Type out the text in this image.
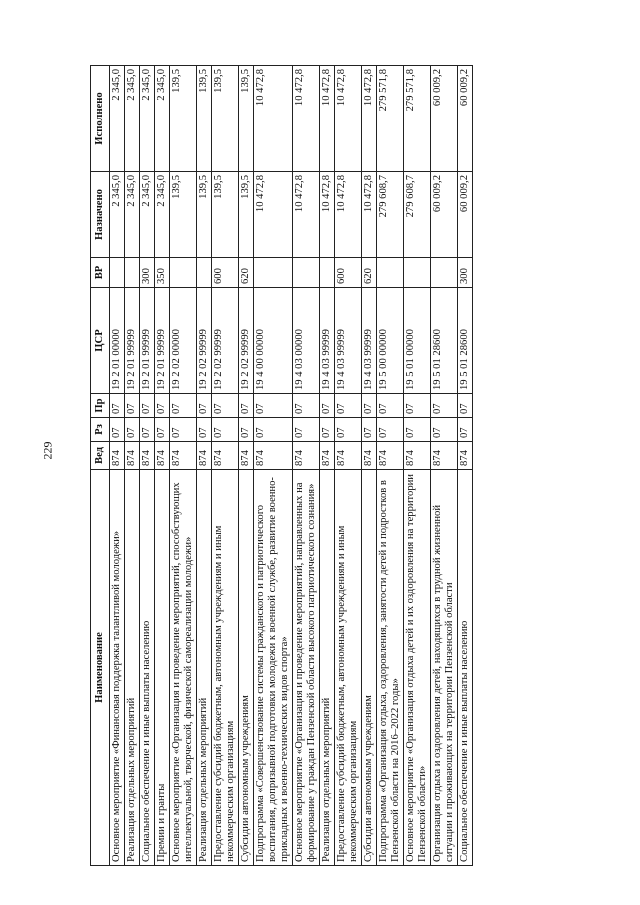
229
Наименование	Вед	Рз	Пр	ЦСР	ВР	Назначено	Исполнено
Основное мероприятие «Финансовая поддержка талантливой молодежи»	874	07	07	19 2 01 00000		2 345,0	2 345,0
Реализация отдельных мероприятий	874	07	07	19 2 01 99999		2 345,0	2 345,0
Социальное обеспечение и иные выплаты населению	874	07	07	19 2 01 99999	300	2 345,0	2 345,0
Премии и гранты	874	07	07	19 2 01 99999	350	2 345,0	2 345,0
Основное мероприятие «Организация и проведение мероприятий, способствующих интеллектуальной, творческой, физической самореализации молодежи»	874	07	07	19 2 02 00000		139,5	139,5
Реализация отдельных мероприятий	874	07	07	19 2 02 99999		139,5	139,5
Предоставление субсидий бюджетным, автономным учреждениям и иным некоммерческим организациям	874	07	07	19 2 02 99999	600	139,5	139,5
Субсидии автономным учреждениям	874	07	07	19 2 02 99999	620	139,5	139,5
Подпрограмма «Совершенствование системы гражданского и патриотического воспитания, допризывной подготовки молодежи к военной службе, развитие военно-прикладных и военно-технических видов спорта»	874	07	07	19 4 00 00000		10 472,8	10 472,8
Основное мероприятие «Организация и проведение мероприятий, направленных на формирование у граждан Пензенской области высокого патриотического сознания»	874	07	07	19 4 03 00000		10 472,8	10 472,8
Реализация отдельных мероприятий	874	07	07	19 4 03 99999		10 472,8	10 472,8
Предоставление субсидий бюджетным, автономным учреждениям и иным некоммерческим организациям	874	07	07	19 4 03 99999	600	10 472,8	10 472,8
Субсидии автономным учреждениям	874	07	07	19 4 03 99999	620	10 472,8	10 472,8
Подпрограмма «Организация отдыха, оздоровления, занятости детей и подростков в Пензенской области на 2016–2022 годы»	874	07	07	19 5 00 00000		279 608,7	279 571,8
Основное мероприятие «Организация отдыха детей и их оздоровления на территории Пензенской области»	874	07	07	19 5 01 00000		279 608,7	279 571,8
Организация отдыха и оздоровления детей, находящихся в трудной жизненной ситуации и проживающих на территории Пензенской области	874	07	07	19 5 01 28600		60 009,2	60 009,2
Социальное обеспечение и иные выплаты населению	874	07	07	19 5 01 28600	300	60 009,2	60 009,2
